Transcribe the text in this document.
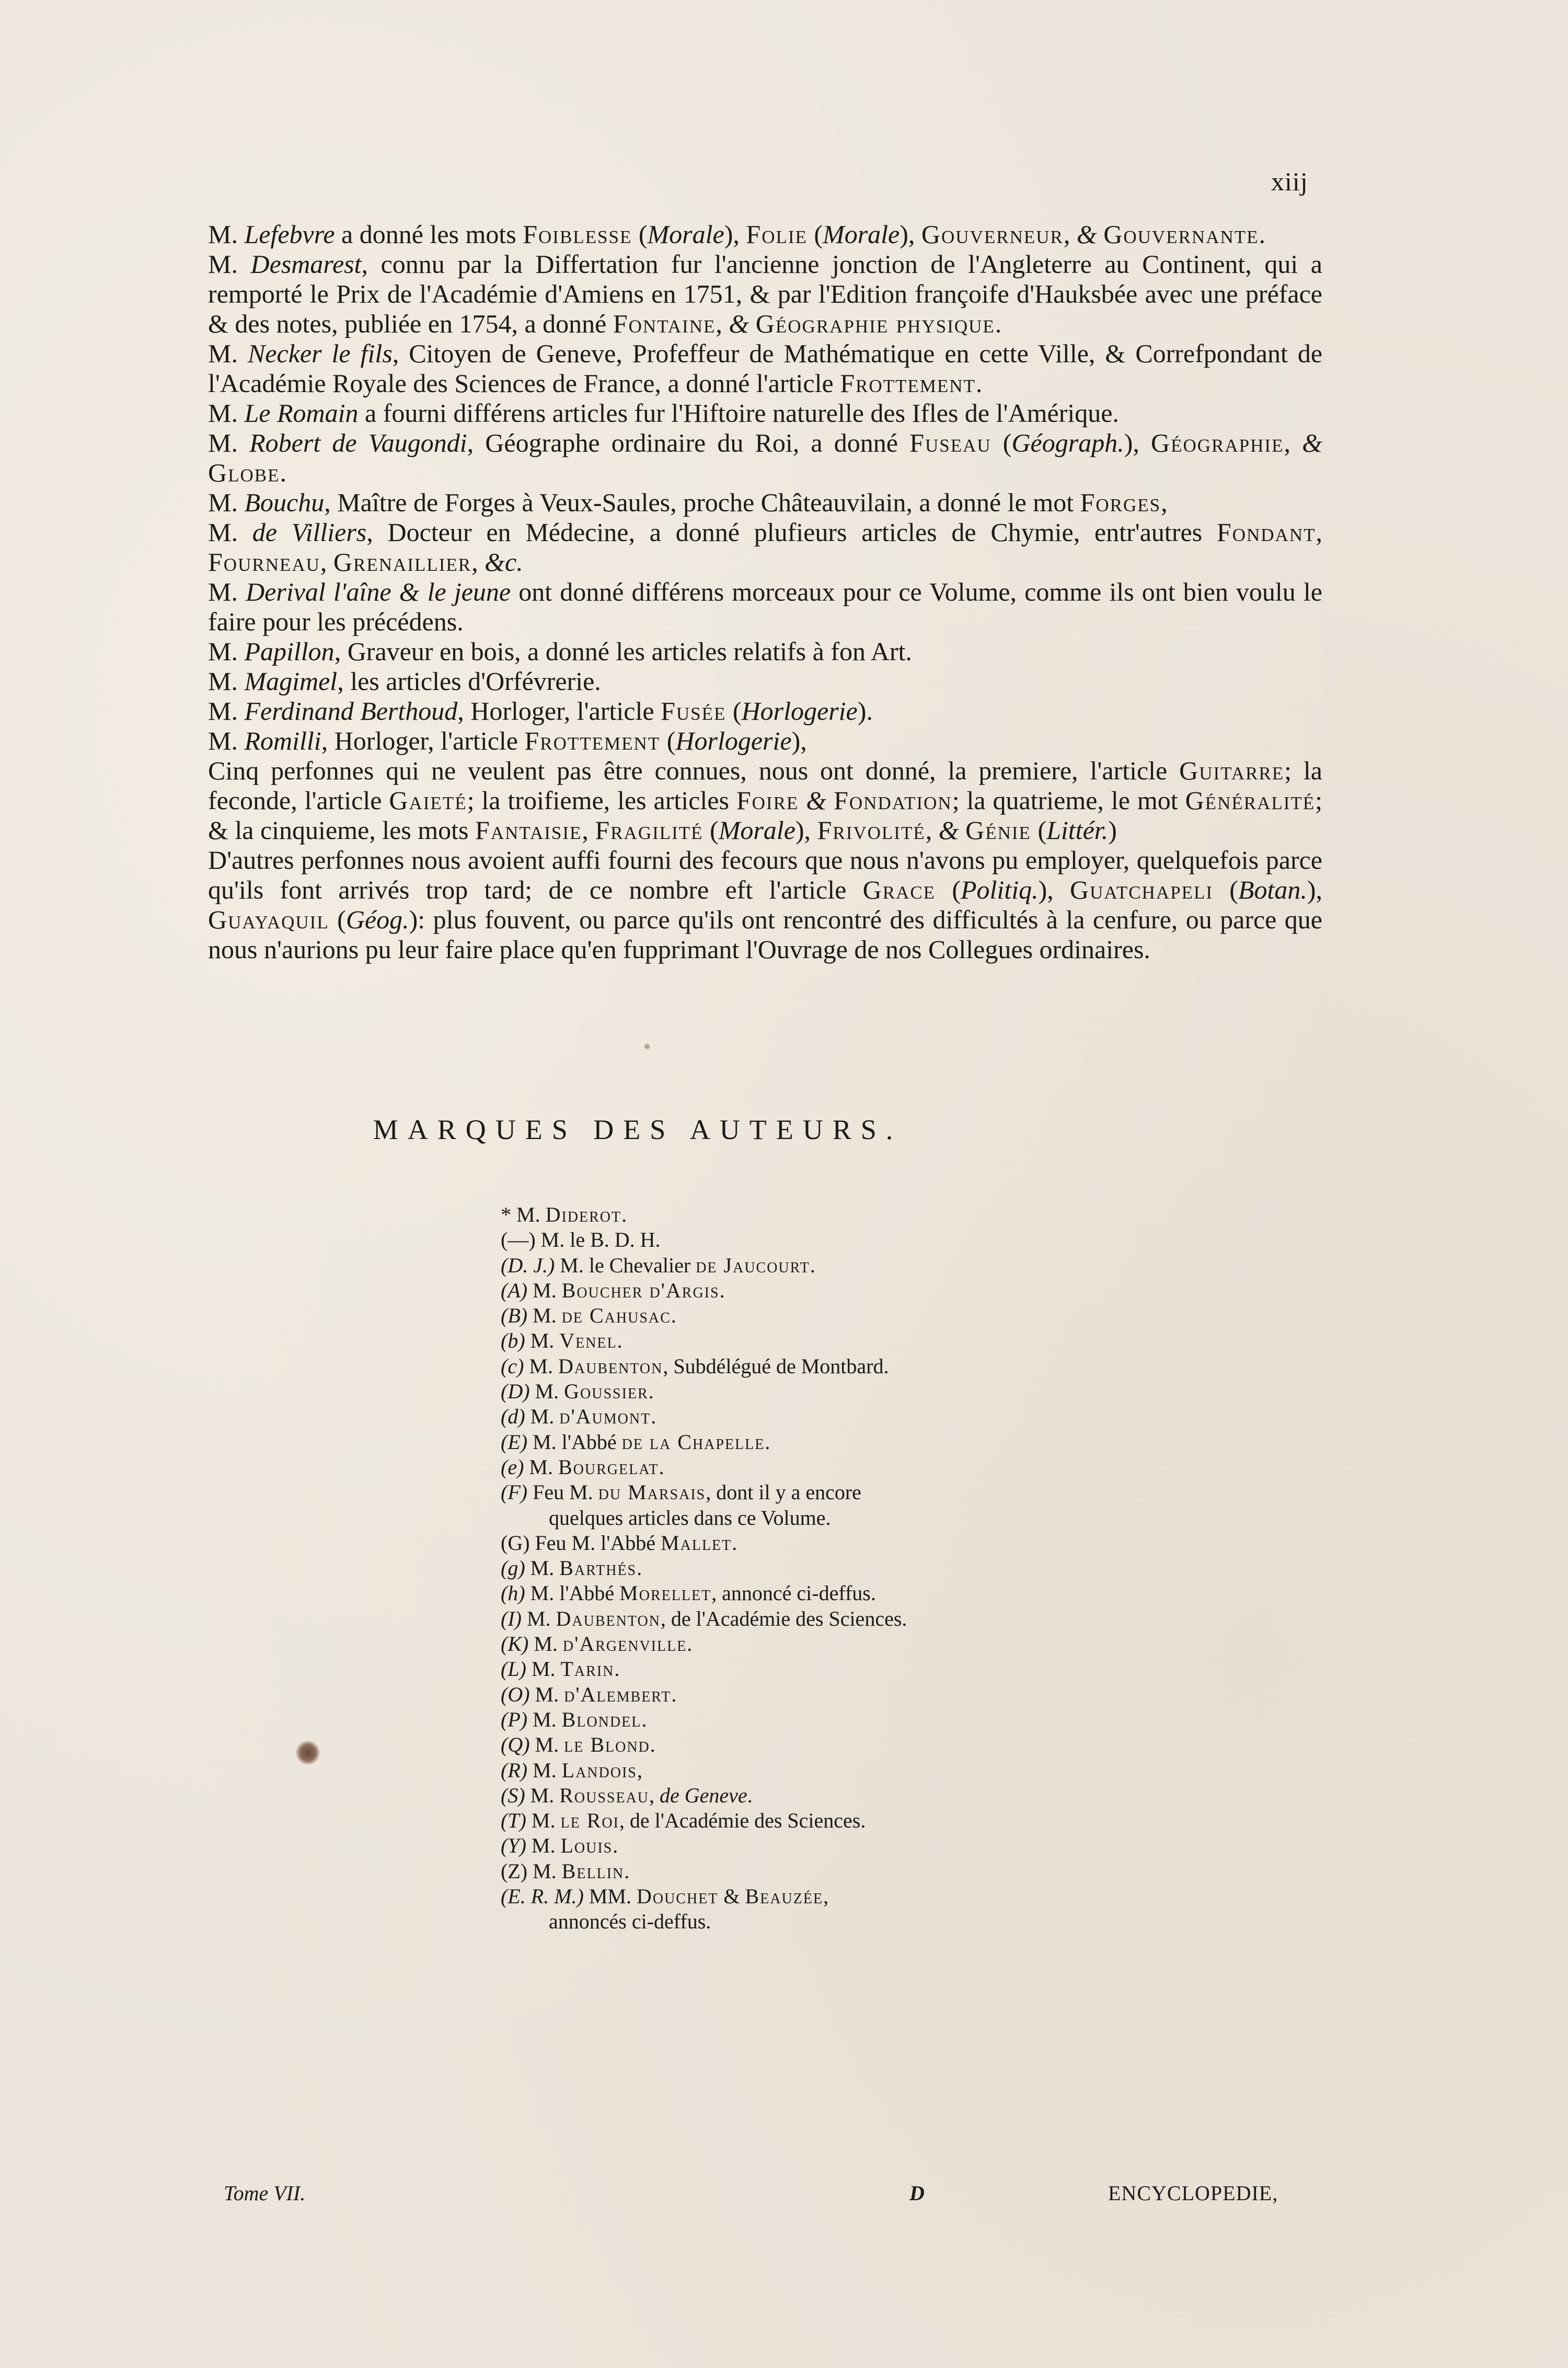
xiij

M. Lefebvre a donné les mots Foiblesse (Morale), Folie (Morale), Gouverneur, & Gouvernante.

M. Desmarest, connu par la Differtation fur l'ancienne jonction de l'Angleterre au Continent, qui a remporté le Prix de l'Académie d'Amiens en 1751, & par l'Edition françoife d'Hauksbée avec une préface & des notes, publiée en 1754, a donné Fontaine, & Géographie physique.

M. Necker le fils, Citoyen de Geneve, Profeffeur de Mathématique en cette Ville, & Correfpondant de l'Académie Royale des Sciences de France, a donné l'article Frottement.

M. Le Romain a fourni différens articles fur l'Hiftoire naturelle des Ifles de l'Amérique.

M. Robert de Vaugondi, Géographe ordinaire du Roi, a donné Fuseau (Géograph.), Géographie, & Globe.

M. Bouchu, Maître de Forges à Veux-Saules, proche Châteauvilain, a donné le mot Forges,

M. de Villiers, Docteur en Médecine, a donné plufieurs articles de Chymie, entr'autres Fondant, Fourneau, Grenaillier, &c.

M. Derival l'aîne & le jeune ont donné différens morceaux pour ce Volume, comme ils ont bien voulu le faire pour les précédens.

M. Papillon, Graveur en bois, a donné les articles relatifs à fon Art.

M. Magimel, les articles d'Orfévrerie.

M. Ferdinand Berthoud, Horloger, l'article Fusée (Horlogerie).

M. Romilli, Horloger, l'article Frottement (Horlogerie),

Cinq perfonnes qui ne veulent pas être connues, nous ont donné, la premiere, l'article Guitarre; la feconde, l'article Gaieté; la troifieme, les articles Foire & Fondation; la quatrieme, le mot Généralité; & la cinquieme, les mots Fantaisie, Fragilité (Morale), Frivolité, & Génie (Littér.)

D'autres perfonnes nous avoient auffi fourni des fecours que nous n'avons pu employer, quelquefois parce qu'ils font arrivés trop tard; de ce nombre eft l'article Grace (Politiq.), Guatchapeli (Botan.), Guayaquil (Géog.): plus fouvent, ou parce qu'ils ont rencontré des difficultés à la cenfure, ou parce que nous n'aurions pu leur faire place qu'en fupprimant l'Ouvrage de nos Collegues ordinaires.

MARQUES DES AUTEURS.
* M. Diderot.
(—) M. le B. D. H.
(D. J.) M. le Chevalier de Jaucourt.
(A) M. Boucher d'Argis.
(B) M. de Cahusac.
(b) M. Venel.
(c) M. Daubenton, Subdélégué de Montbard.
(D) M. Goussier.
(d) M. d'Aumont.
(E) M. l'Abbé de la Chapelle.
(e) M. Bourgelat.
(F) Feu M. du Marsais, dont il y a encore
quelques articles dans ce Volume.
(G) Feu M. l'Abbé Mallet.
(g) M. Barthés.
(h) M. l'Abbé Morellet, annoncé ci-deffus.
(I) M. Daubenton, de l'Académie des Sciences.
(K) M. d'Argenville.
(L) M. Tarin.
(O) M. d'Alembert.
(P) M. Blondel.
(Q) M. le Blond.
(R) M. Landois,
(S) M. Rousseau, de Geneve.
(T) M. le Roi, de l'Académie des Sciences.
(Y) M. Louis.
(Z) M. Bellin.
(E. R. M.) MM. Douchet & Beauzée,
annoncés ci-deffus.
Tome VII.	D	ENCYCLOPEDIE,
